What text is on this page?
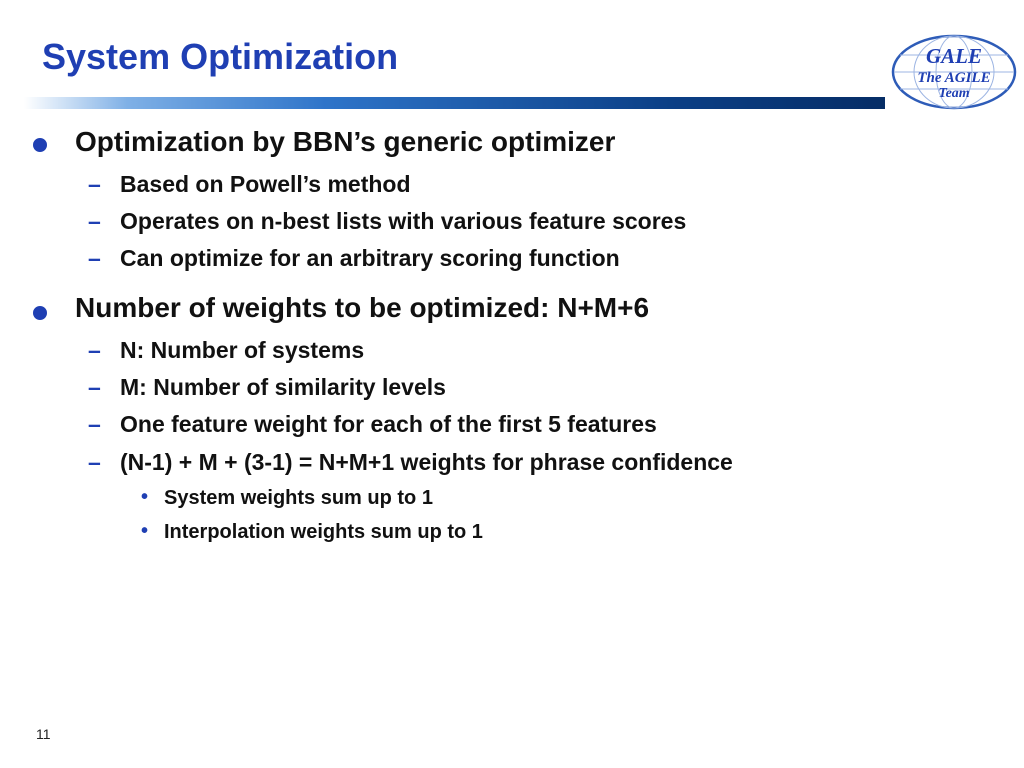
System Optimization	GALE
The AGILE
Team
Optimization by BBN’s generic optimizer
– Based on Powell’s method
– Operates on n-best lists with various feature scores
– Can optimize for an arbitrary scoring function
Number of weights to be optimized: N+M+6
– N: Number of systems
– M: Number of similarity levels
– One feature weight for each of the first 5 features
– (N-1) + M + (3-1) = N+M+1 weights for phrase confidence
• System weights sum up to 1
• Interpolation weights sum up to 1
11
